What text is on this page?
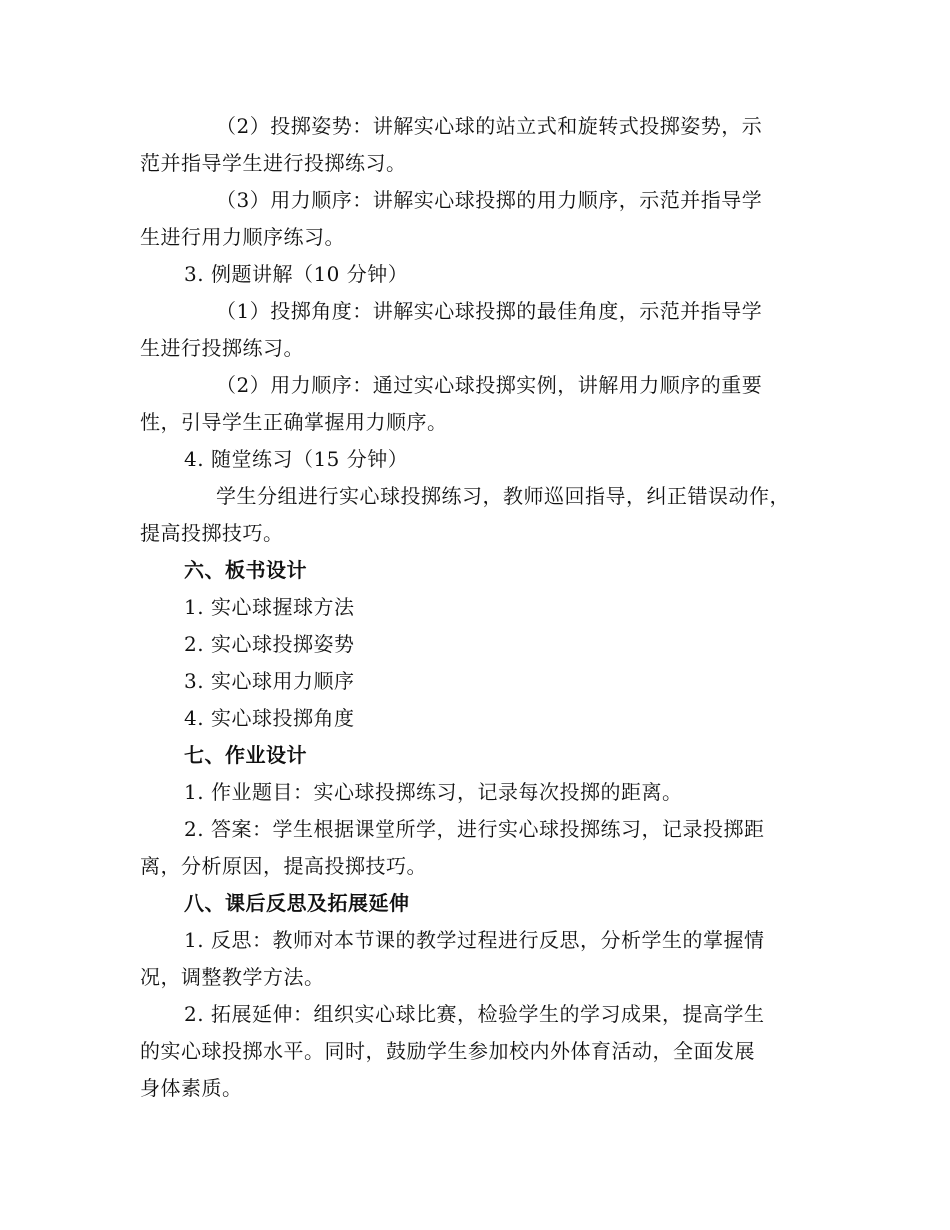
（2）投掷姿势：讲解实心球的站立式和旋转式投掷姿势，示
范并指导学生进行投掷练习。
（3）用力顺序：讲解实心球投掷的用力顺序，示范并指导学
生进行用力顺序练习。
3. 例题讲解（10 分钟）
（1）投掷角度：讲解实心球投掷的最佳角度，示范并指导学
生进行投掷练习。
（2）用力顺序：通过实心球投掷实例，讲解用力顺序的重要
性，引导学生正确掌握用力顺序。
4. 随堂练习（15 分钟）
学生分组进行实心球投掷练习，教师巡回指导，纠正错误动作，
提高投掷技巧。
六、板书设计
1. 实心球握球方法
2. 实心球投掷姿势
3. 实心球用力顺序
4. 实心球投掷角度
七、作业设计
1. 作业题目：实心球投掷练习，记录每次投掷的距离。
2. 答案：学生根据课堂所学，进行实心球投掷练习，记录投掷距
离，分析原因，提高投掷技巧。
八、课后反思及拓展延伸
1. 反思：教师对本节课的教学过程进行反思，分析学生的掌握情
况，调整教学方法。
2. 拓展延伸：组织实心球比赛，检验学生的学习成果，提高学生
的实心球投掷水平。同时，鼓励学生参加校内外体育活动，全面发展
身体素质。
